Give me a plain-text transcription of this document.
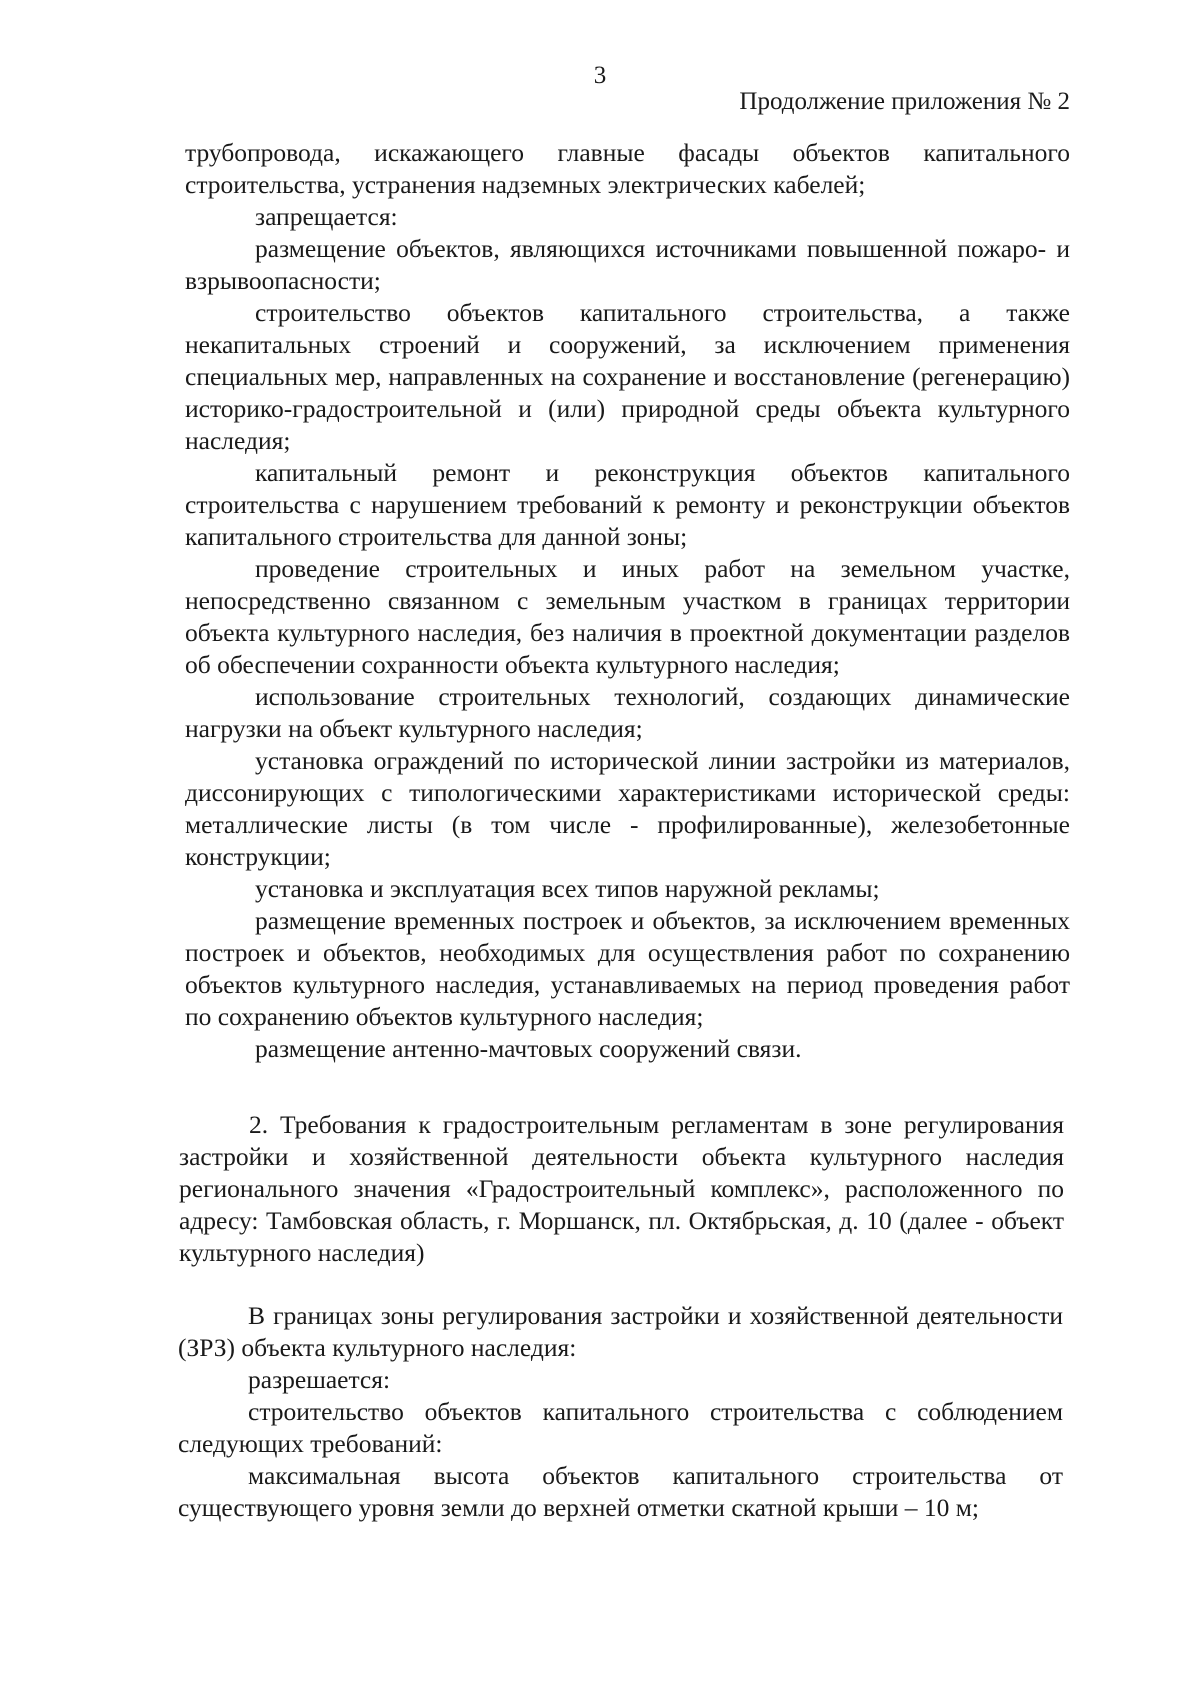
3
Продолжение приложения № 2

трубопровода, искажающего главные фасады объектов капитального строительства, устранения надземных электрических кабелей;

запрещается:

размещение объектов, являющихся источниками повышенной пожаро- и взрывоопасности;

строительство объектов капитального строительства, а также некапитальных строений и сооружений, за исключением применения специальных мер, направленных на сохранение и восстановление (регенерацию) историко-градостроительной и (или) природной среды объекта культурного наследия;

капитальный ремонт и реконструкция объектов капитального строительства с нарушением требований к ремонту и реконструкции объектов капитального строительства для данной зоны;

проведение строительных и иных работ на земельном участке, непосредственно связанном с земельным участком в границах территории объекта культурного наследия, без наличия в проектной документации разделов об обеспечении сохранности объекта культурного наследия;

использование строительных технологий, создающих динамические нагрузки на объект культурного наследия;

установка ограждений по исторической линии застройки из материалов, диссонирующих с типологическими характеристиками исторической среды: металлические листы (в том числе - профилированные), железобетонные конструкции;

установка и эксплуатация всех типов наружной рекламы;

размещение временных построек и объектов, за исключением временных построек и объектов, необходимых для осуществления работ по сохранению объектов культурного наследия, устанавливаемых на период проведения работ по сохранению объектов культурного наследия;

размещение антенно-мачтовых сооружений связи.

2. Требования к градостроительным регламентам в зоне регулирования застройки и хозяйственной деятельности объекта культурного наследия регионального значения «Градостроительный комплекс», расположенного по адресу: Тамбовская область, г. Моршанск, пл. Октябрьская, д. 10 (далее - объект культурного наследия)

В границах зоны регулирования застройки и хозяйственной деятельности (ЗРЗ) объекта культурного наследия:

разрешается:

строительство объектов капитального строительства с соблюдением следующих требований:

максимальная высота объектов капитального строительства от существующего уровня земли до верхней отметки скатной крыши – 10 м;
